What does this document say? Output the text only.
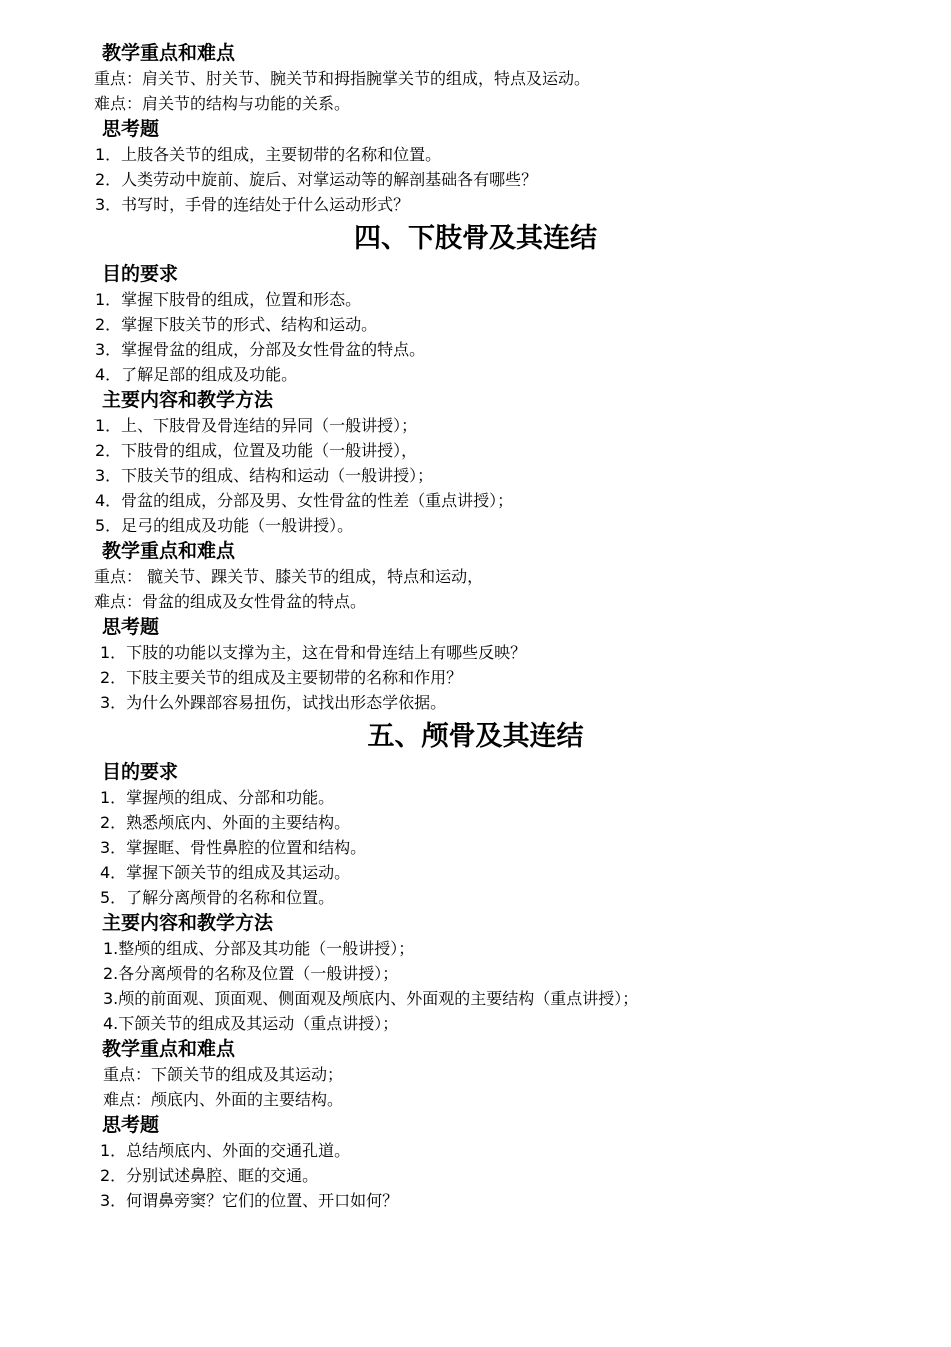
教学重点和难点
重点：肩关节、肘关节、腕关节和拇指腕掌关节的组成，特点及运动。
难点：肩关节的结构与功能的关系。
思考题
1．上肢各关节的组成，主要韧带的名称和位置。
2．人类劳动中旋前、旋后、对掌运动等的解剖基础各有哪些？
3．书写时，手骨的连结处于什么运动形式？
四、下肢骨及其连结
目的要求
1．掌握下肢骨的组成，位置和形态。
2．掌握下肢关节的形式、结构和运动。
3．掌握骨盆的组成，分部及女性骨盆的特点。
4．了解足部的组成及功能。
主要内容和教学方法
1．上、下肢骨及骨连结的异同（一般讲授）；
2．下肢骨的组成，位置及功能（一般讲授），
3．下肢关节的组成、结构和运动（一般讲授）；
4．骨盆的组成，分部及男、女性骨盆的性差（重点讲授）；
5．足弓的组成及功能（一般讲授）。
教学重点和难点
重点： 髋关节、踝关节、膝关节的组成，特点和运动，
难点：骨盆的组成及女性骨盆的特点。
思考题
1．下肢的功能以支撑为主，这在骨和骨连结上有哪些反映？
2．下肢主要关节的组成及主要韧带的名称和作用？
3．为什么外踝部容易扭伤，试找出形态学依据。
五、颅骨及其连结
目的要求
1．掌握颅的组成、分部和功能。
2．熟悉颅底内、外面的主要结构。
3．掌握眶、骨性鼻腔的位置和结构。
4．掌握下颌关节的组成及其运动。
5．了解分离颅骨的名称和位置。
主要内容和教学方法
1.整颅的组成、分部及其功能（一般讲授）；
2.各分离颅骨的名称及位置（一般讲授）；
3.颅的前面观、顶面观、侧面观及颅底内、外面观的主要结构（重点讲授）；
4.下颌关节的组成及其运动（重点讲授）；
教学重点和难点
重点：下颌关节的组成及其运动；
难点：颅底内、外面的主要结构。
思考题
1．总结颅底内、外面的交通孔道。
2．分别试述鼻腔、眶的交通。
3．何谓鼻旁窦？它们的位置、开口如何？
